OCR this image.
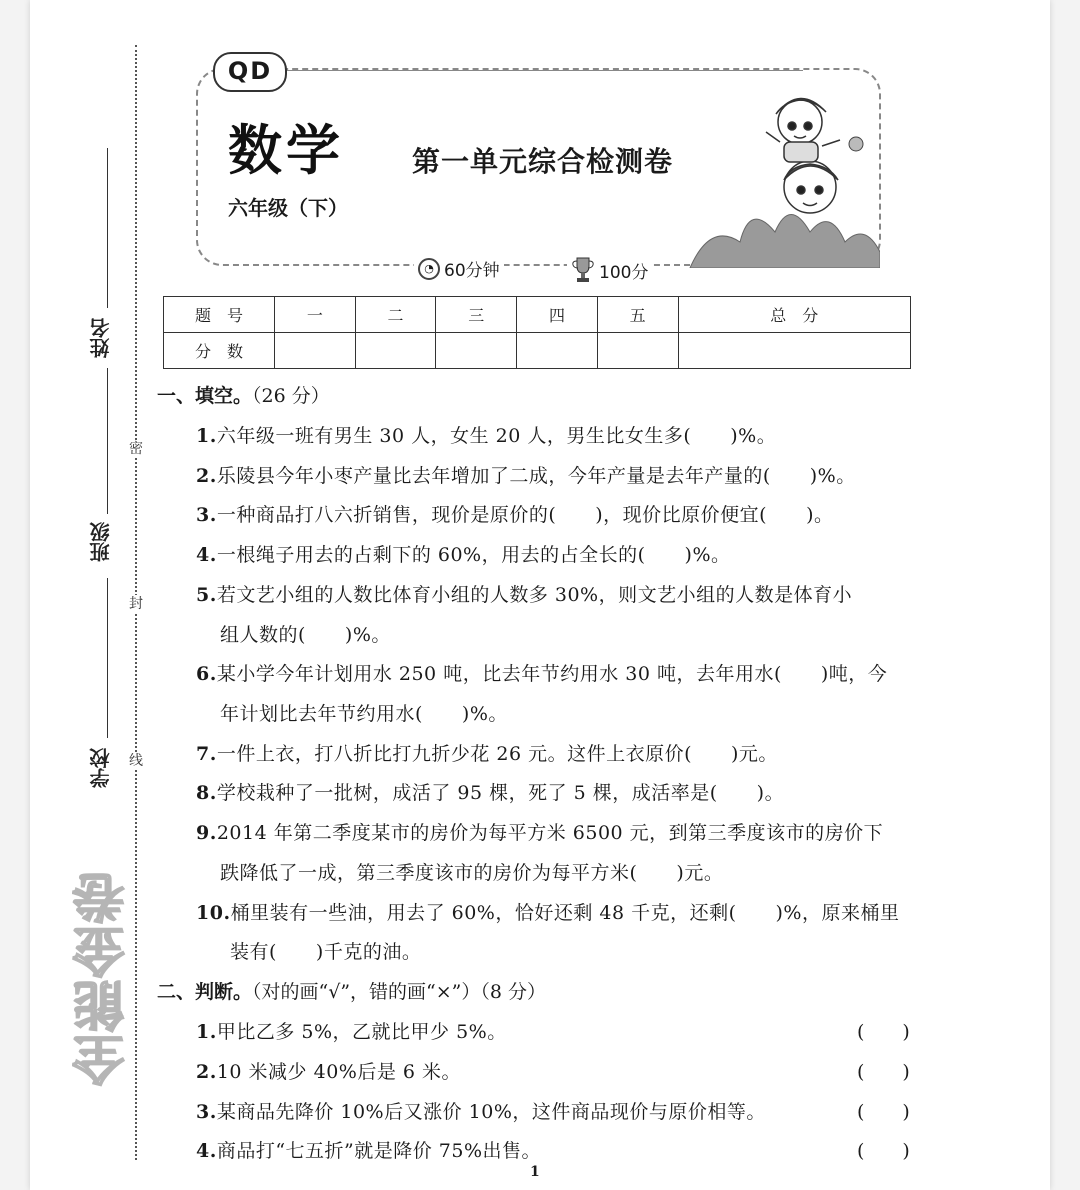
姓名
班级
学校
密
封
线
全能金卷
QD
数学
六年级（下）
第一单元综合检测卷
◔ 60分钟	100分
题　号	一	二	三	四	五	总　分
分　数						
一、填空。（26 分）
1.六年级一班有男生 30 人，女生 20 人，男生比女生多(　　)%。
2.乐陵县今年小枣产量比去年增加了二成，今年产量是去年产量的(　　)%。
3.一种商品打八六折销售，现价是原价的(　　)，现价比原价便宜(　　)。
4.一根绳子用去的占剩下的 60%，用去的占全长的(　　)%。
5.若文艺小组的人数比体育小组的人数多 30%，则文艺小组的人数是体育小
组人数的(　　)%。
6.某小学今年计划用水 250 吨，比去年节约用水 30 吨，去年用水(　　)吨，今
年计划比去年节约用水(　　)%。
7.一件上衣，打八折比打九折少花 26 元。这件上衣原价(　　)元。
8.学校栽种了一批树，成活了 95 棵，死了 5 棵，成活率是(　　)。
9.2014 年第二季度某市的房价为每平方米 6500 元，到第三季度该市的房价下
跌降低了一成，第三季度该市的房价为每平方米(　　)元。
10.桶里装有一些油，用去了 60%，恰好还剩 48 千克，还剩(　　)%，原来桶里
装有(　　)千克的油。
二、判断。（对的画“√”，错的画“×”）（8 分）
1.甲比乙多 5%，乙就比甲少 5%。	(　　)
2.10 米减少 40%后是 6 米。	(　　)
3.某商品先降价 10%后又涨价 10%，这件商品现价与原价相等。	(　　)
4.商品打“七五折”就是降价 75%出售。	(　　)
1
